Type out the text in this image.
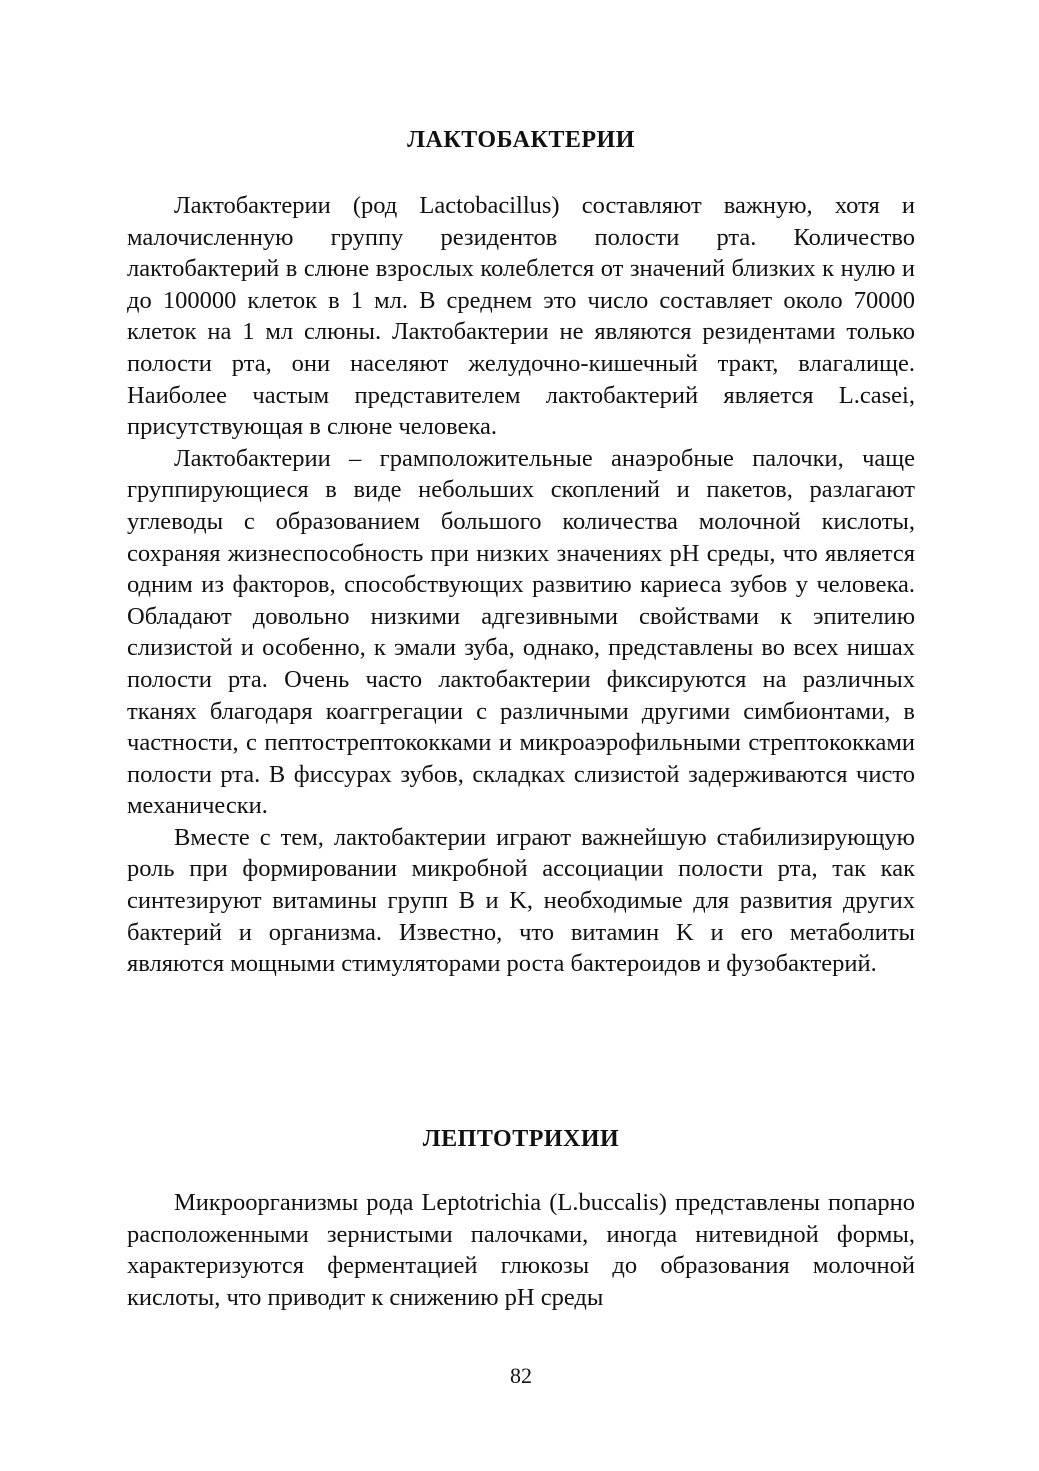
ЛАКТОБАКТЕРИИ

Лактобактерии (род Lactobacillus) составляют важную, хотя и малочисленную группу резидентов полости рта. Количество лактобактерий в слюне взрослых колеблется от значений близких к нулю и до 100000 клеток в 1 мл. В среднем это число составляет около 70000 клеток на 1 мл слюны. Лактобактерии не являются резидентами только полости рта, они населяют желудочно-кишечный тракт, влагалище. Наиболее частым представителем лактобактерий является L.casei, присутствующая в слюне человека.

Лактобактерии – грамположительные анаэробные палочки, чаще группирующиеся в виде небольших скоплений и пакетов, разлагают углеводы с образованием большого количества молочной кислоты, сохраняя жизнеспособность при низких значениях pH среды, что является одним из факторов, способствующих развитию кариеса зубов у человека. Обладают довольно низкими адгезивными свойствами к эпителию слизистой и особенно, к эмали зуба, однако, представлены во всех нишах полости рта. Очень часто лактобактерии фиксируются на различных тканях благодаря коаггрегации с различными другими симбионтами, в частности, с пептострептококками и микроаэрофильными стрептококками полости рта. В фиссурах зубов, складках слизистой задерживаются чисто механически.

Вместе с тем, лактобактерии играют важнейшую стабилизирующую роль при формировании микробной ассоциации полости рта, так как синтезируют витамины групп B и K, необходимые для развития других бактерий и организма. Известно, что витамин K и его метаболиты являются мощными стимуляторами роста бактероидов и фузобактерий.

ЛЕПТОТРИХИИ

Микроорганизмы рода Leptotrichia (L.buccalis) представлены попарно расположенными зернистыми палочками, иногда нитевидной формы, характеризуются ферментацией глюкозы до образования молочной кислоты, что приводит к снижению pH среды

82
